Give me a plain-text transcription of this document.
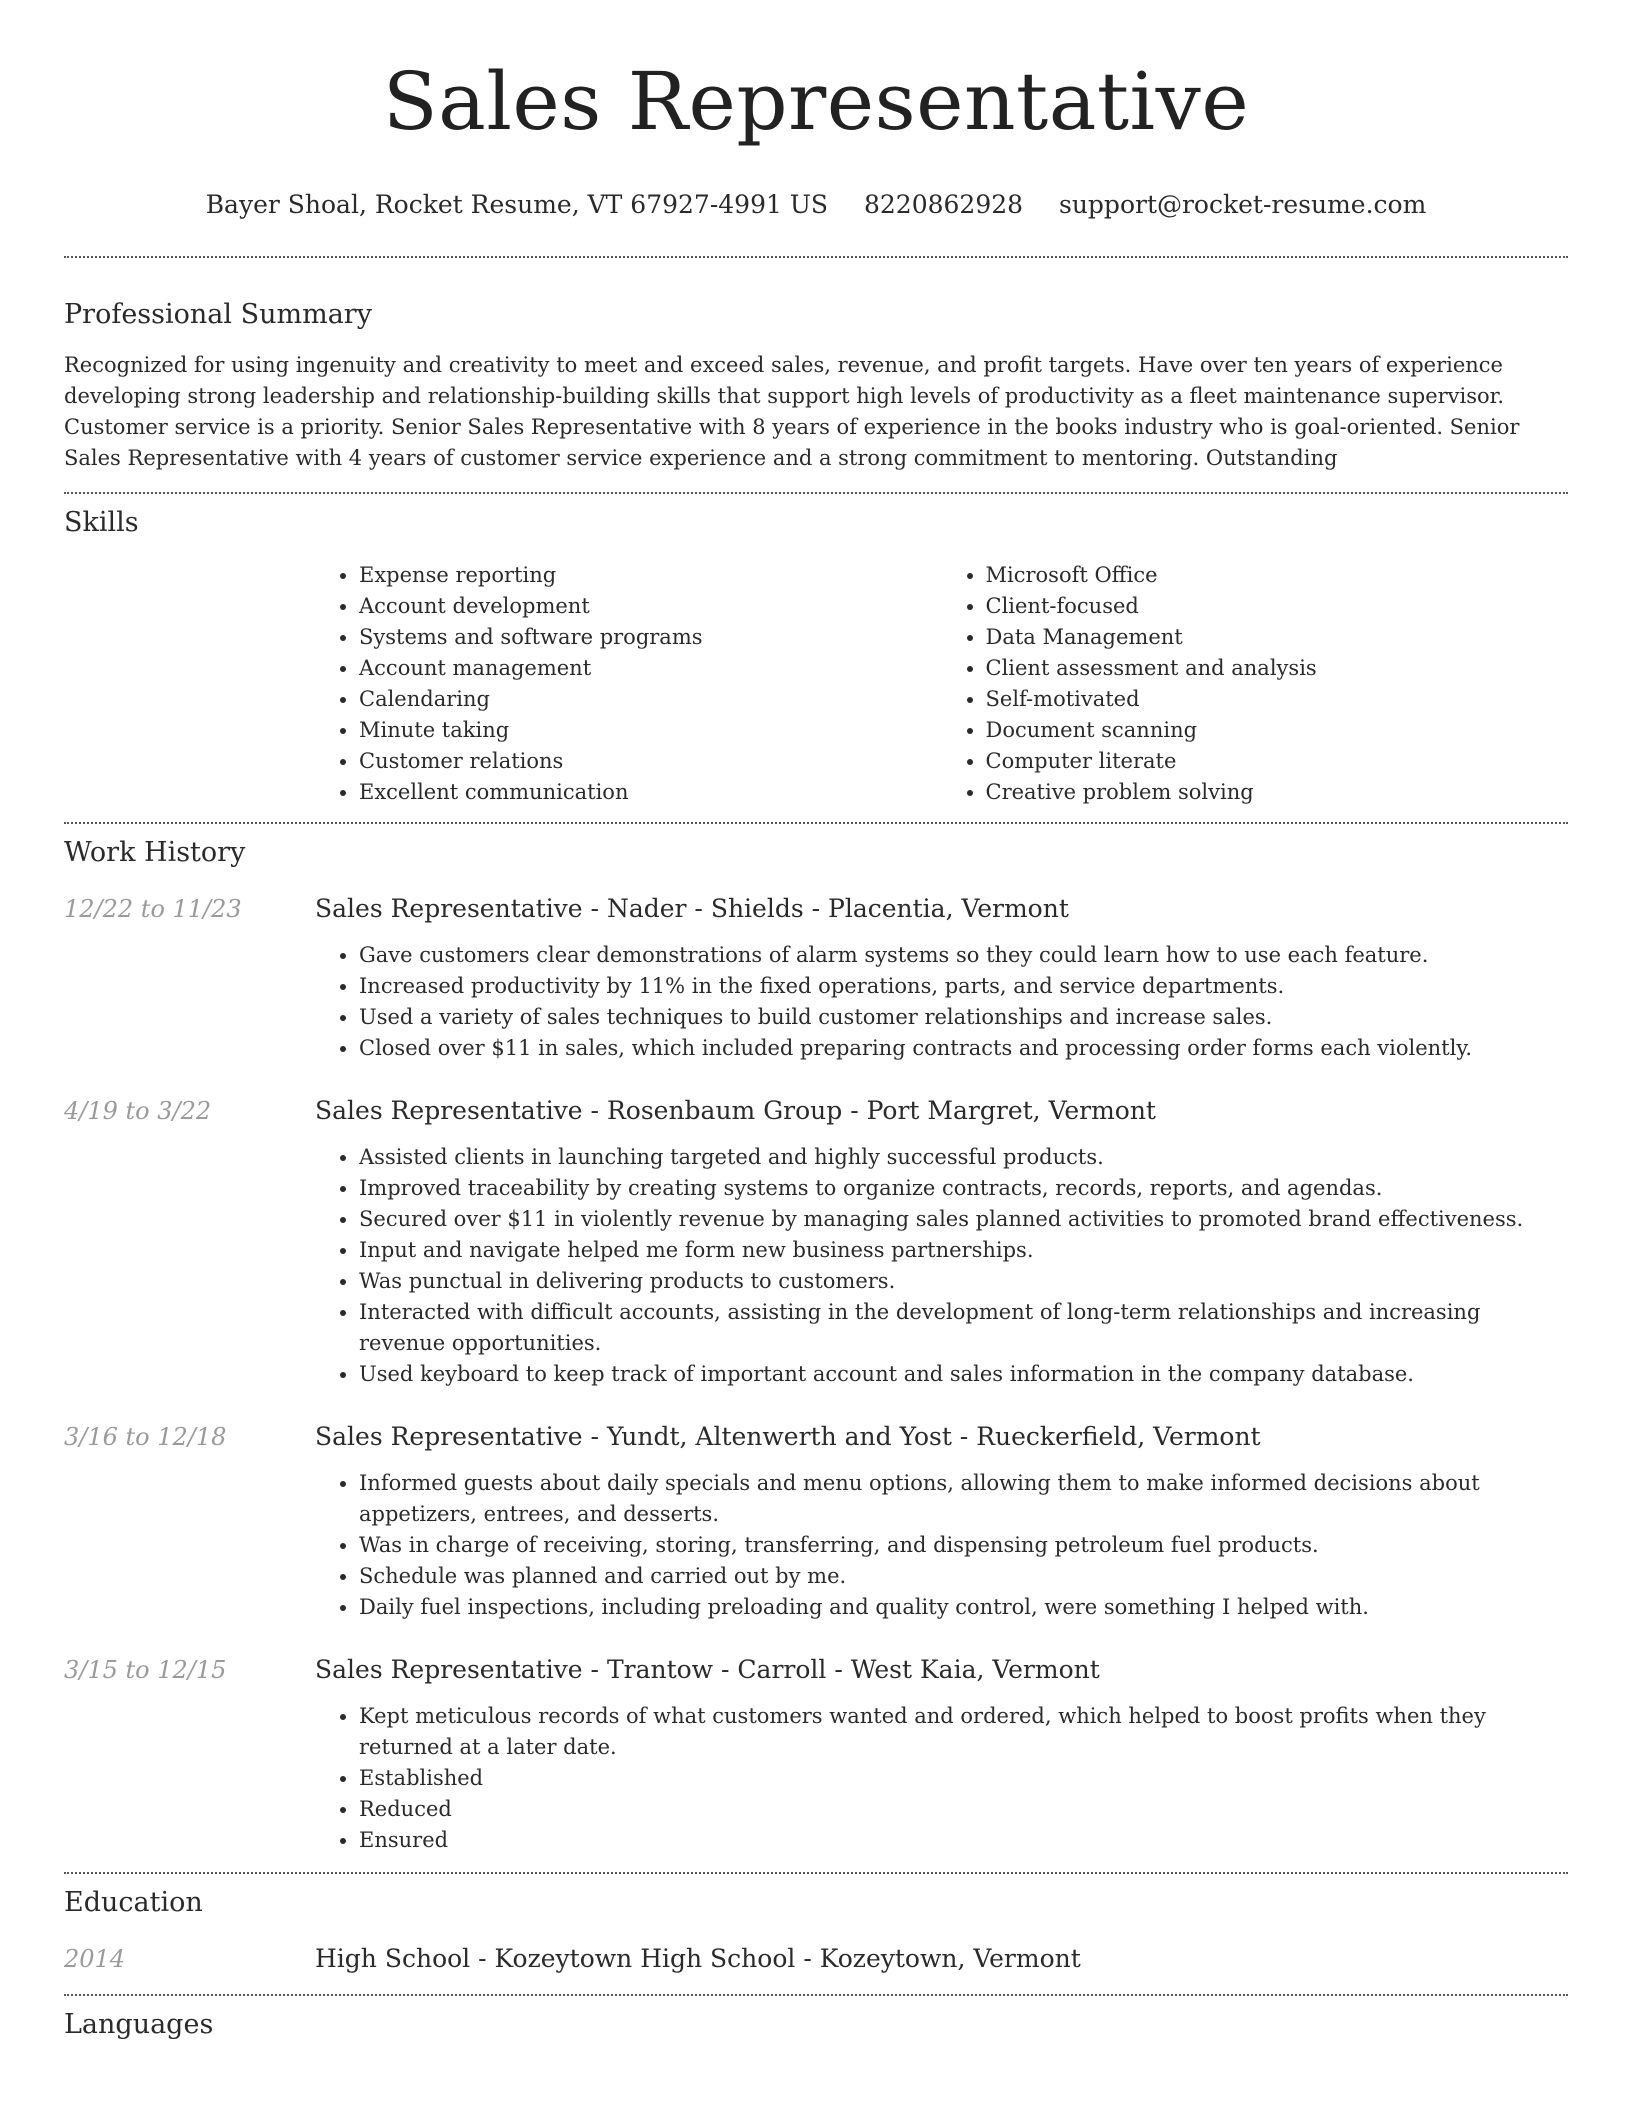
Sales Representative
Bayer Shoal, Rocket Resume, VT 67927-4991 US 8220862928 support@rocket-resume.com
Professional Summary

Recognized for using ingenuity and creativity to meet and exceed sales, revenue, and profit targets. Have over ten years of experience developing strong leadership and relationship-building skills that support high levels of productivity as a fleet maintenance supervisor. Customer service is a priority. Senior Sales Representative with 8 years of experience in the books industry who is goal-oriented. Senior Sales Representative with 4 years of customer service experience and a strong commitment to mentoring. Outstanding

Skills
• Expense reporting
• Account development
• Systems and software programs
• Account management
• Calendaring
• Minute taking
• Customer relations
• Excellent communication
• Microsoft Office
• Client-focused
• Data Management
• Client assessment and analysis
• Self-motivated
• Document scanning
• Computer literate
• Creative problem solving
Work History
12/22 to 11/23	Sales Representative - Nader - Shields - Placentia, Vermont
• Gave customers clear demonstrations of alarm systems so they could learn how to use each feature.
• Increased productivity by 11% in the fixed operations, parts, and service departments.
• Used a variety of sales techniques to build customer relationships and increase sales.
• Closed over $11 in sales, which included preparing contracts and processing order forms each violently.
4/19 to 3/22	Sales Representative - Rosenbaum Group - Port Margret, Vermont
• Assisted clients in launching targeted and highly successful products.
• Improved traceability by creating systems to organize contracts, records, reports, and agendas.
• Secured over $11 in violently revenue by managing sales planned activities to promoted brand effectiveness.
• Input and navigate helped me form new business partnerships.
• Was punctual in delivering products to customers.
• Interacted with difficult accounts, assisting in the development of long-term relationships and increasing revenue opportunities.
• Used keyboard to keep track of important account and sales information in the company database.
3/16 to 12/18	Sales Representative - Yundt, Altenwerth and Yost - Rueckerfield, Vermont
• Informed guests about daily specials and menu options, allowing them to make informed decisions about appetizers, entrees, and desserts.
• Was in charge of receiving, storing, transferring, and dispensing petroleum fuel products.
• Schedule was planned and carried out by me.
• Daily fuel inspections, including preloading and quality control, were something I helped with.
3/15 to 12/15	Sales Representative - Trantow - Carroll - West Kaia, Vermont
• Kept meticulous records of what customers wanted and ordered, which helped to boost profits when they returned at a later date.
• Established
• Reduced
• Ensured
Education
2014	High School - Kozeytown High School - Kozeytown, Vermont
Languages
